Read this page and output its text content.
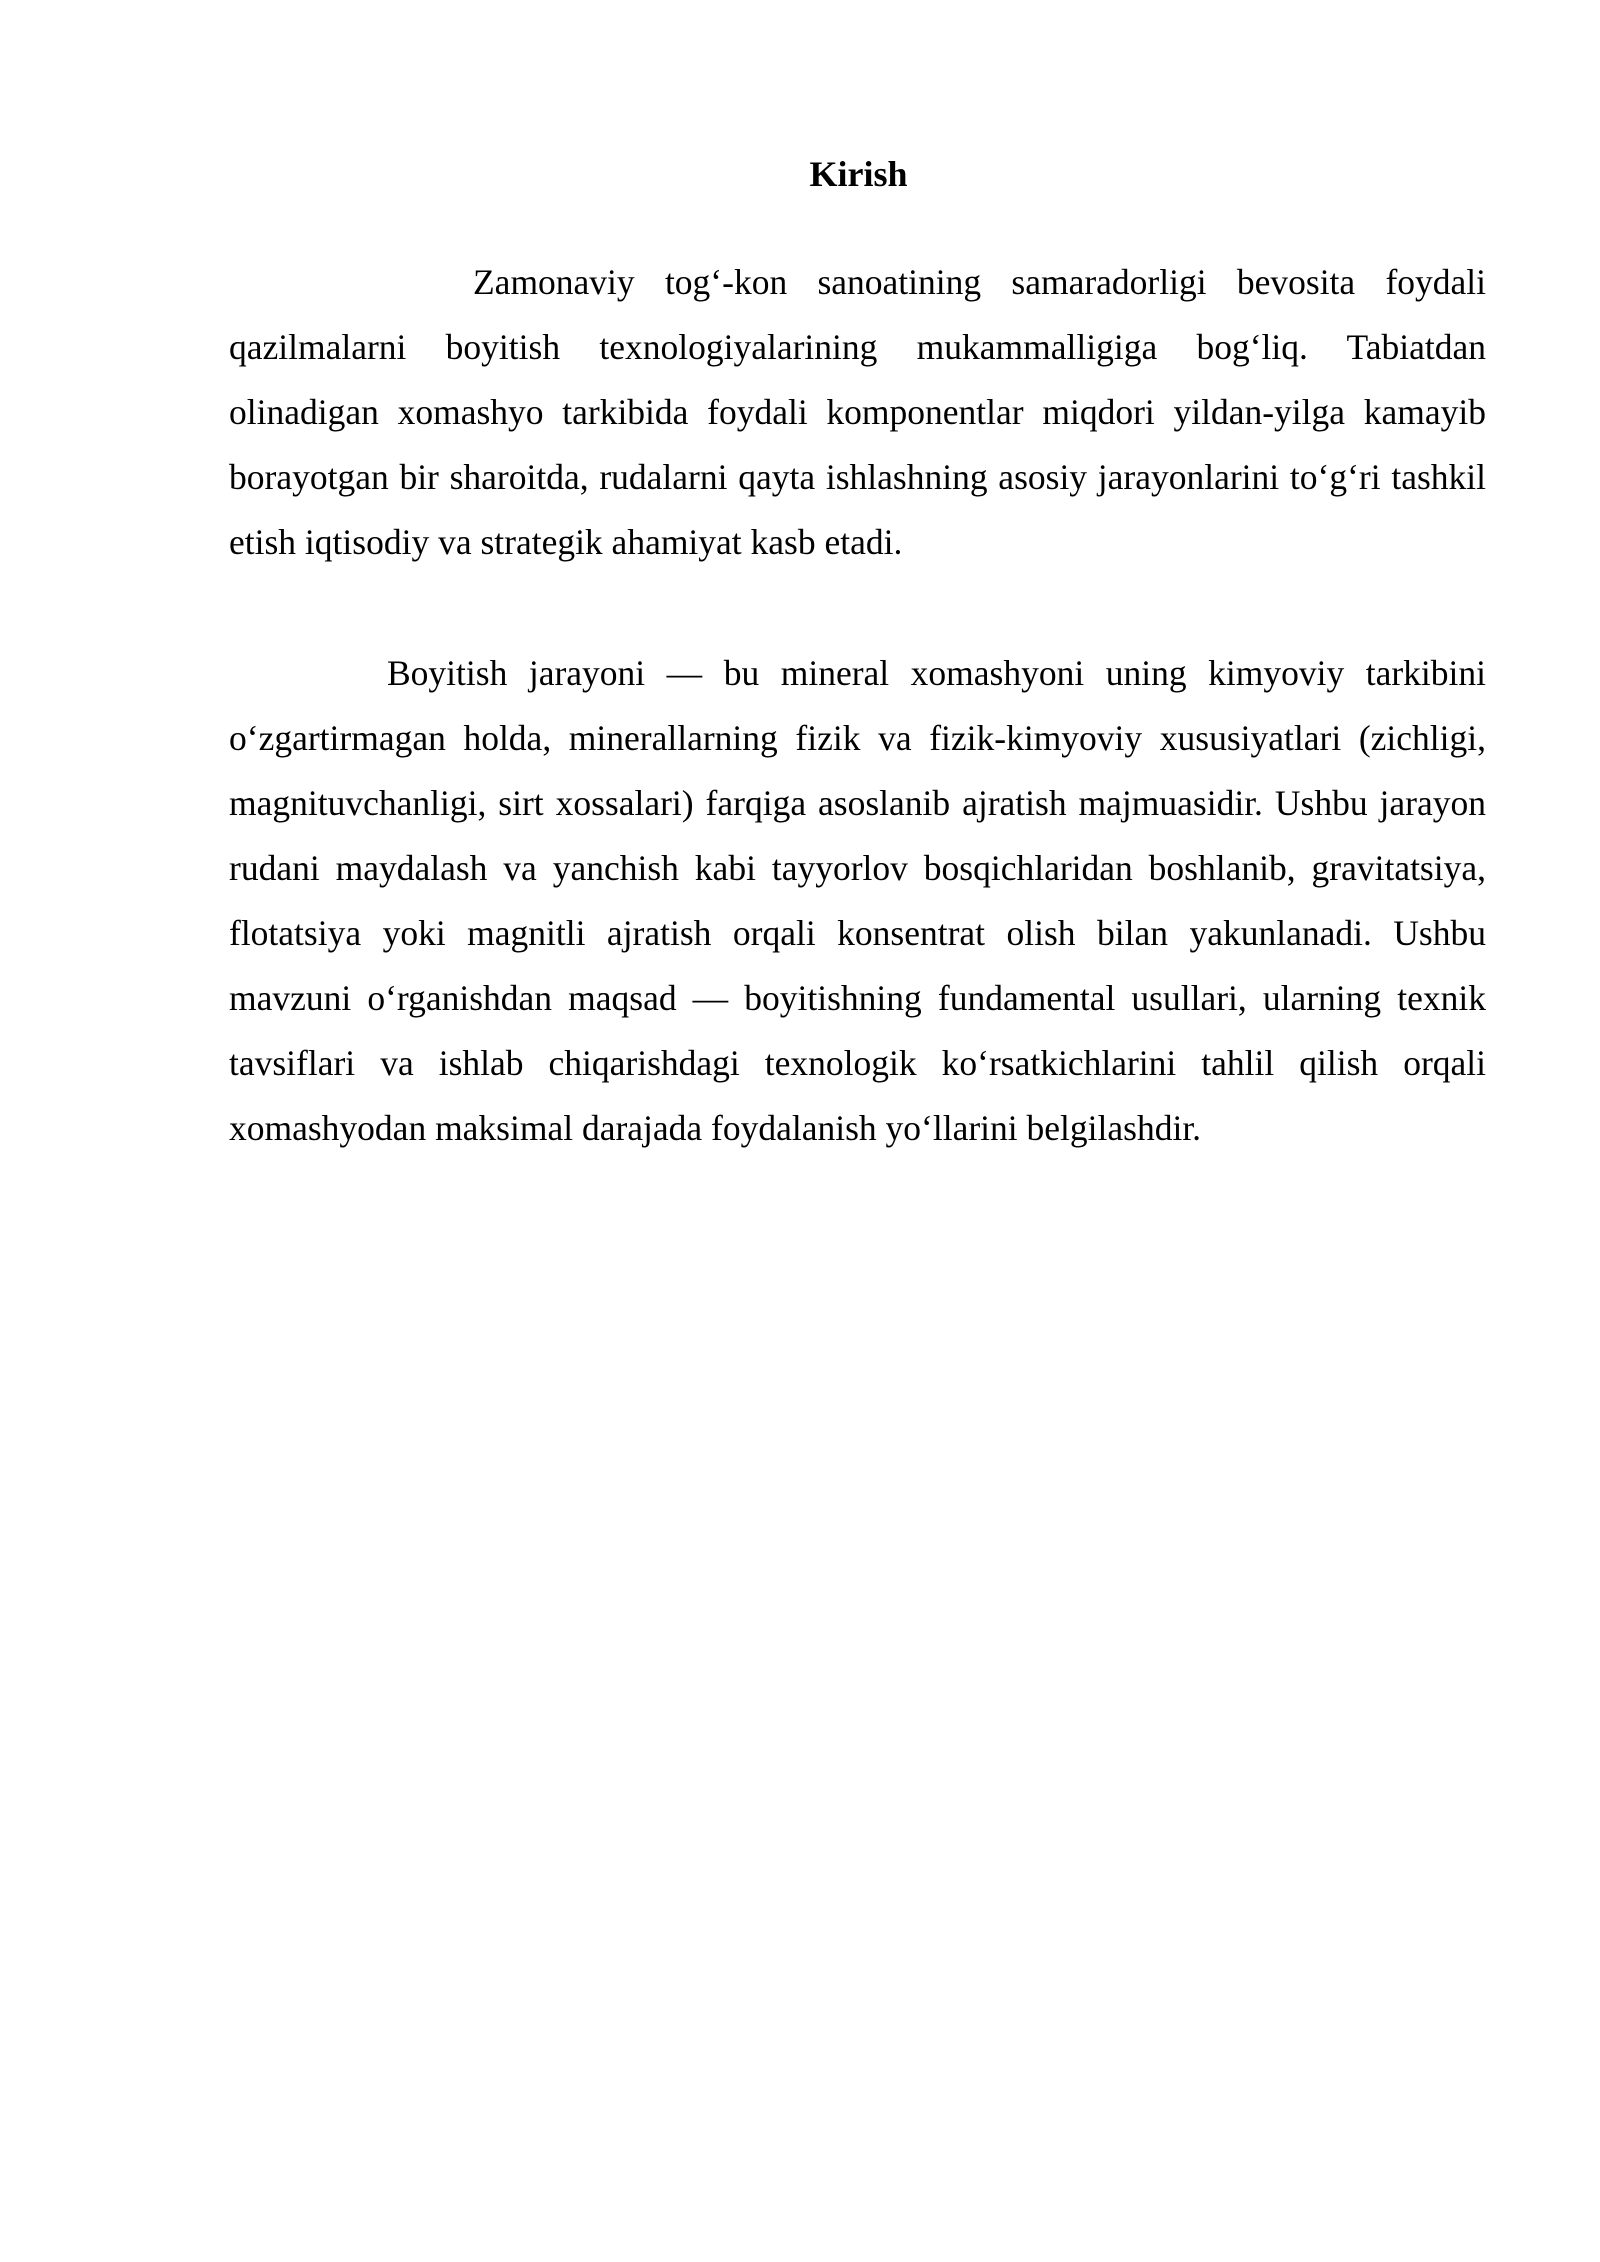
Kirish

Zamonaviy tog‘-kon sanoatining samaradorligi bevosita foydali qazilmalarni boyitish texnologiyalarining mukammalligiga bog‘liq. Tabiatdan olinadigan xomashyo tarkibida foydali komponentlar miqdori yildan-yilga kamayib borayotgan bir sharoitda, rudalarni qayta ishlashning asosiy jarayonlarini to‘g‘ri tashkil etish iqtisodiy va strategik ahamiyat kasb etadi.

Boyitish jarayoni — bu mineral xomashyoni uning kimyoviy tarkibini o‘zgartirmagan holda, minerallarning fizik va fizik-kimyoviy xususiyatlari (zichligi, magnituvchanligi, sirt xossalari) farqiga asoslanib ajratish majmuasidir. Ushbu jarayon rudani maydalash va yanchish kabi tayyorlov bosqichlaridan boshlanib, gravitatsiya, flotatsiya yoki magnitli ajratish orqali konsentrat olish bilan yakunlanadi. Ushbu mavzuni o‘rganishdan maqsad — boyitishning fundamental usullari, ularning texnik tavsiflari va ishlab chiqarishdagi texnologik ko‘rsatkichlarini tahlil qilish orqali xomashyodan maksimal darajada foydalanish yo‘llarini belgilashdir.
